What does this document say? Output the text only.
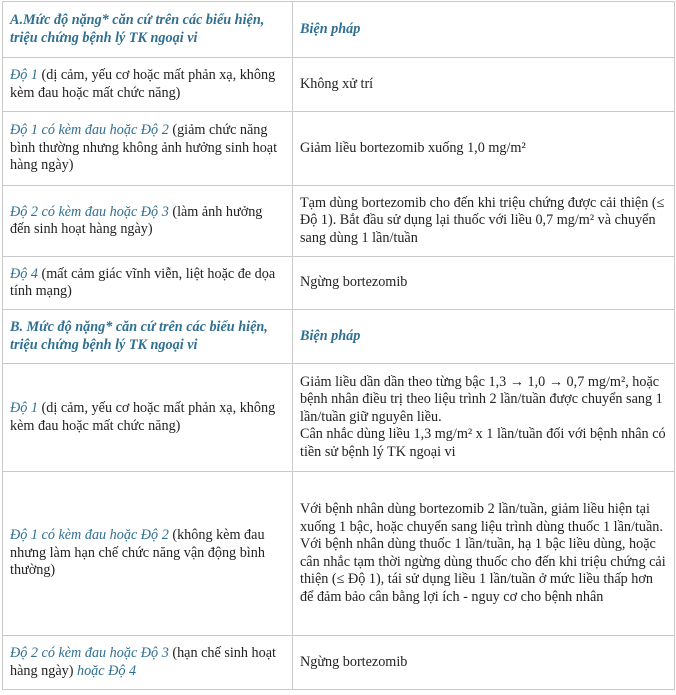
A.Mức độ nặng* căn cứ trên các biểu hiện, triệu chứng bệnh lý TK ngoại vi	Biện pháp
Độ 1 (dị cảm, yếu cơ hoặc mất phản xạ, không kèm đau hoặc mất chức năng)	Không xử trí

Độ 1 có kèm đau hoặc Độ 2 (giảm chức năng bình thường nhưng không ảnh hưởng sinh hoạt hàng ngày)	Giảm liều bortezomib xuống 1,0 mg/m²

Độ 2 có kèm đau hoặc Độ 3 (làm ảnh hưởng đến sinh hoạt hàng ngày)	Tạm dùng bortezomib cho đến khi triệu chứng được cải thiện (≤ Độ 1). Bắt đầu sử dụng lại thuốc với liều 0,7 mg/m² và chuyển sang dùng 1 lần/tuần

Độ 4 (mất cảm giác vĩnh viễn, liệt hoặc đe dọa tính mạng)	Ngừng bortezomib

B. Mức độ nặng* căn cứ trên các biểu hiện, triệu chứng bệnh lý TK ngoại vi	Biện pháp
Độ 1 (dị cảm, yếu cơ hoặc mất phản xạ, không kèm đau hoặc mất chức năng)	Giảm liều dần dần theo từng bậc 1,3 → 1,0 → 0,7 mg/m², hoặc bệnh nhân điều trị theo liệu trình 2 lần/tuần được chuyển sang 1 lần/tuần giữ nguyên liều.
Cân nhắc dùng liều 1,3 mg/m² x 1 lần/tuần đối với bệnh nhân có tiền sử bệnh lý TK ngoại vi

Độ 1 có kèm đau hoặc Độ 2 (không kèm đau nhưng làm hạn chế chức năng vận động bình thường)	Với bệnh nhân dùng bortezomib 2 lần/tuần, giảm liều hiện tại xuống 1 bậc, hoặc chuyển sang liệu trình dùng thuốc 1 lần/tuần.
Với bệnh nhân dùng thuốc 1 lần/tuần, hạ 1 bậc liều dùng, hoặc cân nhắc tạm thời ngừng dùng thuốc cho đến khi triệu chứng cải thiện (≤ Độ 1), tái sử dụng liều 1 lần/tuần ở mức liều thấp hơn để đảm bảo cân bằng lợi ích - nguy cơ cho bệnh nhân

Độ 2 có kèm đau hoặc Độ 3 (hạn chế sinh hoạt hàng ngày) hoặc Độ 4	Ngừng bortezomib
